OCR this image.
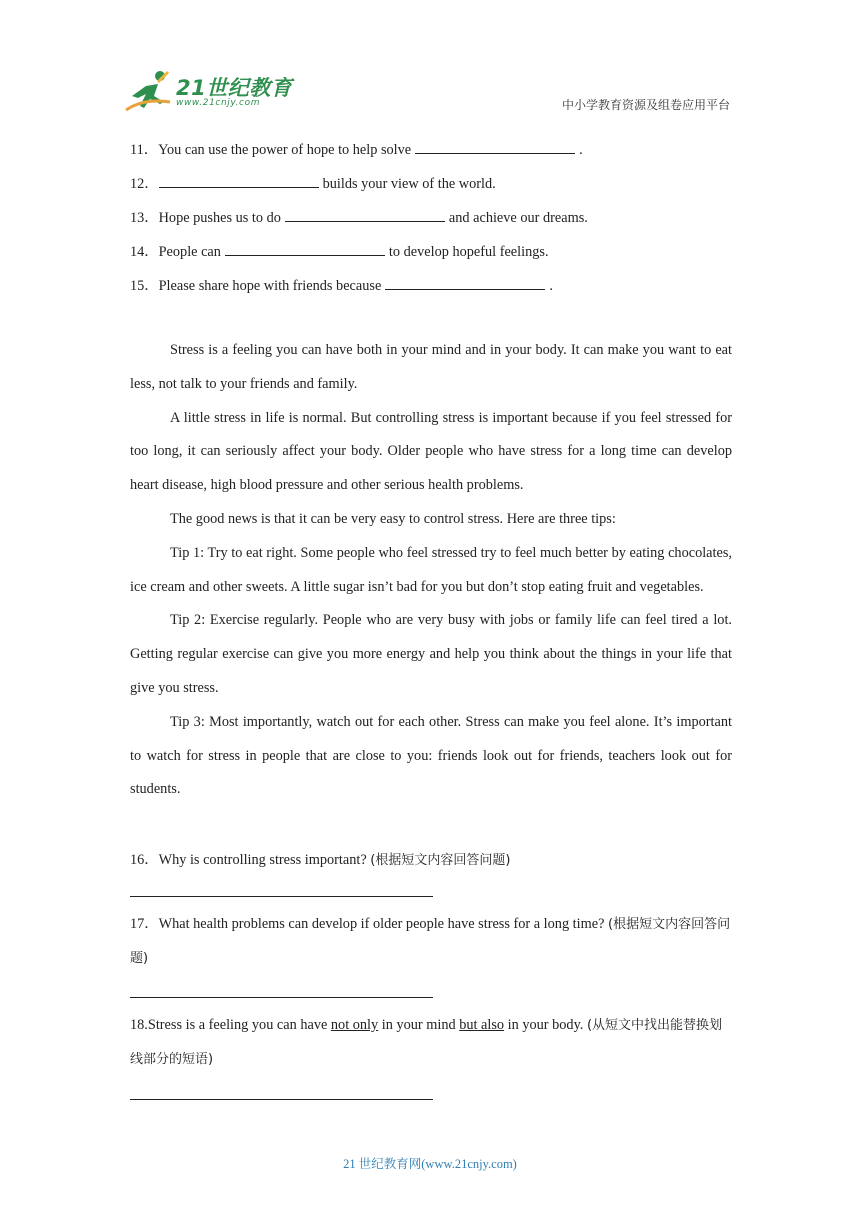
21世纪教育
www.21cnjy.com	中小学教育资源及组卷应用平台
11．You can use the power of hope to help solve	.
12．	builds your view of the world.
13．Hope pushes us to do	and achieve our dreams.
14．People can	to develop hopeful feelings.
15．Please share hope with friends because	.

Stress is a feeling you can have both in your mind and in your body. It can make you want to eat less, not talk to your friends and family.

A little stress in life is normal. But controlling stress is important because if you feel stressed for too long, it can seriously affect your body. Older people who have stress for a long time can develop heart disease, high blood pressure and other serious health problems.

The good news is that it can be very easy to control stress. Here are three tips:

Tip 1: Try to eat right. Some people who feel stressed try to feel much better by eating chocolates, ice cream and other sweets. A little sugar isn’t bad for you but don’t stop eating fruit and vegetables.

Tip 2: Exercise regularly. People who are very busy with jobs or family life can feel tired a lot. Getting regular exercise can give you more energy and help you think about the things in your life that give you stress.

Tip 3: Most importantly, watch out for each other. Stress can make you feel alone. It’s important to watch for stress in people that are close to you: friends look out for friends, teachers look out for students.

16．Why is controlling stress important? (根据短文内容回答问题)
17．What health problems can develop if older people have stress for a long time? (根据短文内容回答问题)
18.Stress is a feeling you can have not only in your mind but also in your body. (从短文中找出能替换划线部分的短语)
21 世纪教育网(www.21cnjy.com)
